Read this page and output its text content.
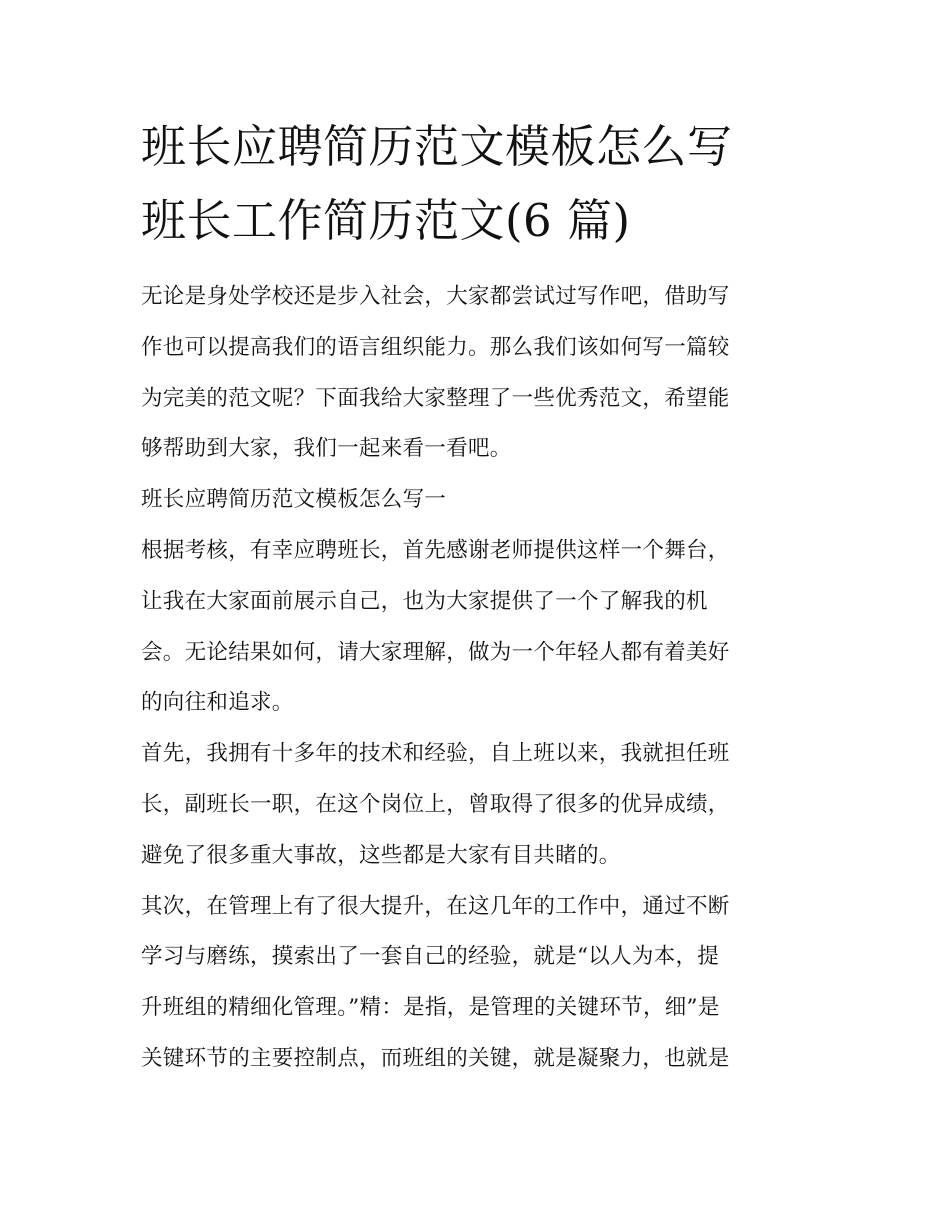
班长应聘简历范文模板怎么写
班长工作简历范文(6 篇)
无论是身处学校还是步入社会，大家都尝试过写作吧，借助写
作也可以提高我们的语言组织能力。那么我们该如何写一篇较
为完美的范文呢？下面我给大家整理了一些优秀范文，希望能
够帮助到大家，我们一起来看一看吧。
班长应聘简历范文模板怎么写一
根据考核，有幸应聘班长，首先感谢老师提供这样一个舞台，
让我在大家面前展示自己，也为大家提供了一个了解我的机
会。无论结果如何，请大家理解，做为一个年轻人都有着美好
的向往和追求。
首先，我拥有十多年的技术和经验，自上班以来，我就担任班
长，副班长一职，在这个岗位上，曾取得了很多的优异成绩，
避免了很多重大事故，这些都是大家有目共睹的。
其次，在管理上有了很大提升，在这几年的工作中，通过不断
学习与磨练，摸索出了一套自己的经验，就是“以人为本，提
升班组的精细化管理。”精：是指，是管理的关键环节，细”是
关键环节的主要控制点，而班组的关键，就是凝聚力，也就是
